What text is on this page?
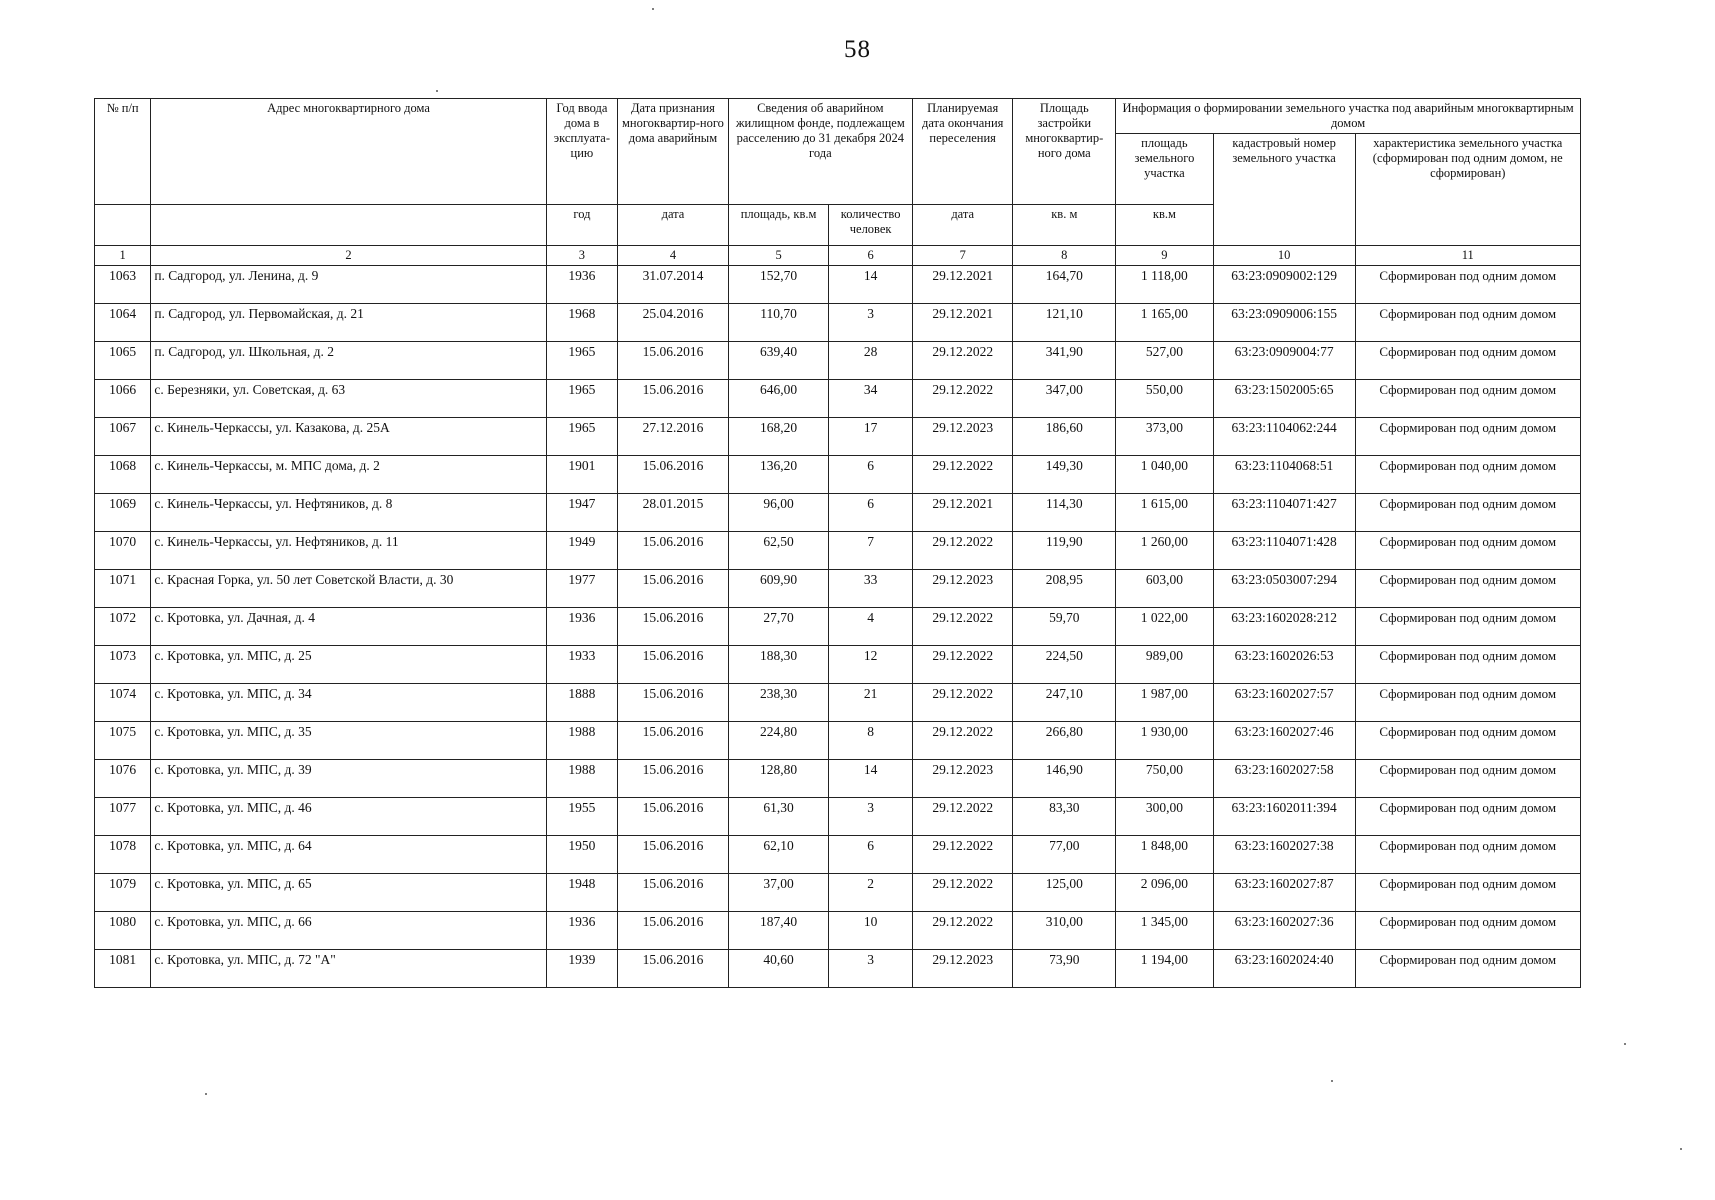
58
№ п/п	Адрес многоквартирного дома	Год ввода дома в эксплуата-цию	Дата признания многоквартир-ного дома аварийным	Сведения об аварийном жилищном фонде, подлежащем расселению до 31 декабря 2024 года		Планируемая дата окончания переселения	Площадь застройки многоквартир-ного дома	Информация о формировании земельного участка под аварийным многоквартирным домом		
								площадь земельного участка	кадастровый номер земельного участка	характеристика земельного участка (сформирован под одним домом, не сформирован)
		год	дата	площадь, кв.м	количество человек	дата	кв. м	кв.м		
1	2	3	4	5	6	7	8	9	10	11
1063	п. Садгород, ул. Ленина, д. 9	1936	31.07.2014	152,70	14	29.12.2021	164,70	1 118,00	63:23:0909002:129	Сформирован под одним домом
1064	п. Садгород, ул. Первомайская, д. 21	1968	25.04.2016	110,70	3	29.12.2021	121,10	1 165,00	63:23:0909006:155	Сформирован под одним домом
1065	п. Садгород, ул. Школьная, д. 2	1965	15.06.2016	639,40	28	29.12.2022	341,90	527,00	63:23:0909004:77	Сформирован под одним домом
1066	с. Березняки, ул. Советская, д. 63	1965	15.06.2016	646,00	34	29.12.2022	347,00	550,00	63:23:1502005:65	Сформирован под одним домом
1067	с. Кинель-Черкассы, ул. Казакова, д. 25А	1965	27.12.2016	168,20	17	29.12.2023	186,60	373,00	63:23:1104062:244	Сформирован под одним домом
1068	с. Кинель-Черкассы, м. МПС дома, д. 2	1901	15.06.2016	136,20	6	29.12.2022	149,30	1 040,00	63:23:1104068:51	Сформирован под одним домом
1069	с. Кинель-Черкассы, ул. Нефтяников, д. 8	1947	28.01.2015	96,00	6	29.12.2021	114,30	1 615,00	63:23:1104071:427	Сформирован под одним домом
1070	с. Кинель-Черкассы, ул. Нефтяников, д. 11	1949	15.06.2016	62,50	7	29.12.2022	119,90	1 260,00	63:23:1104071:428	Сформирован под одним домом
1071	с. Красная Горка, ул. 50 лет Советской Власти, д. 30	1977	15.06.2016	609,90	33	29.12.2023	208,95	603,00	63:23:0503007:294	Сформирован под одним домом
1072	с. Кротовка, ул. Дачная, д. 4	1936	15.06.2016	27,70	4	29.12.2022	59,70	1 022,00	63:23:1602028:212	Сформирован под одним домом
1073	с. Кротовка, ул. МПС, д. 25	1933	15.06.2016	188,30	12	29.12.2022	224,50	989,00	63:23:1602026:53	Сформирован под одним домом
1074	с. Кротовка, ул. МПС, д. 34	1888	15.06.2016	238,30	21	29.12.2022	247,10	1 987,00	63:23:1602027:57	Сформирован под одним домом
1075	с. Кротовка, ул. МПС, д. 35	1988	15.06.2016	224,80	8	29.12.2022	266,80	1 930,00	63:23:1602027:46	Сформирован под одним домом
1076	с. Кротовка, ул. МПС, д. 39	1988	15.06.2016	128,80	14	29.12.2023	146,90	750,00	63:23:1602027:58	Сформирован под одним домом
1077	с. Кротовка, ул. МПС, д. 46	1955	15.06.2016	61,30	3	29.12.2022	83,30	300,00	63:23:1602011:394	Сформирован под одним домом
1078	с. Кротовка, ул. МПС, д. 64	1950	15.06.2016	62,10	6	29.12.2022	77,00	1 848,00	63:23:1602027:38	Сформирован под одним домом
1079	с. Кротовка, ул. МПС, д. 65	1948	15.06.2016	37,00	2	29.12.2022	125,00	2 096,00	63:23:1602027:87	Сформирован под одним домом
1080	с. Кротовка, ул. МПС, д. 66	1936	15.06.2016	187,40	10	29.12.2022	310,00	1 345,00	63:23:1602027:36	Сформирован под одним домом
1081	с. Кротовка, ул. МПС, д. 72 "А"	1939	15.06.2016	40,60	3	29.12.2023	73,90	1 194,00	63:23:1602024:40	Сформирован под одним домом
